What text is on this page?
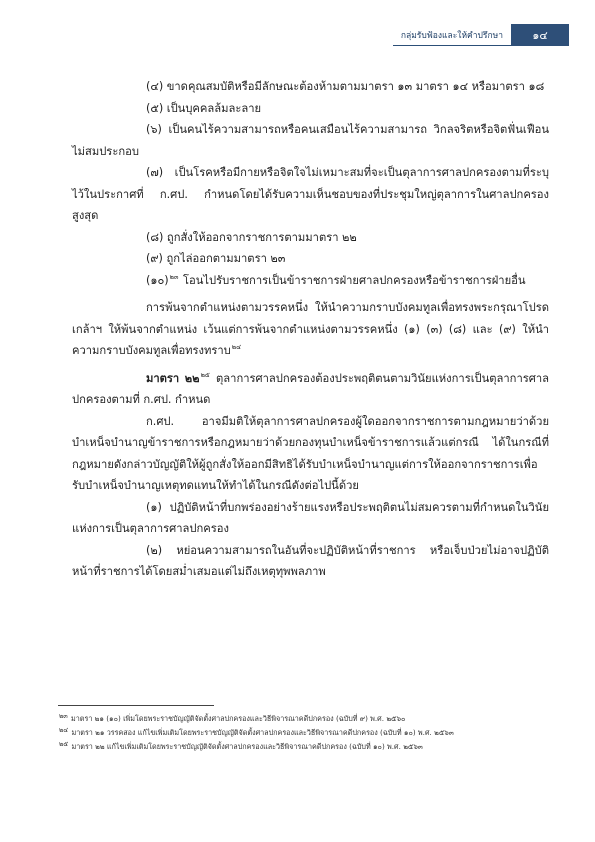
กลุ่มรับฟ้องและให้คำปรึกษา	๑๔

(๔) ขาดคุณสมบัติหรือมีลักษณะต้องห้ามตามมาตรา ๑๓ มาตรา ๑๔ หรือมาตรา ๑๘

(๕) เป็นบุคคลล้มละลาย

(๖) เป็นคนไร้ความสามารถหรือคนเสมือนไร้ความสามารถ วิกลจริตหรือจิตฟั่นเฟือนไม่สมประกอบ

(๗) เป็นโรคหรือมีกายหรือจิตใจไม่เหมาะสมที่จะเป็นตุลาการศาลปกครองตามที่ระบุไว้ในประกาศที่ ก.ศป. กำหนดโดยได้รับความเห็นชอบของที่ประชุมใหญ่ตุลาการในศาลปกครองสูงสุด

(๘) ถูกสั่งให้ออกจากราชการตามมาตรา ๒๒

(๙) ถูกไล่ออกตามมาตรา ๒๓

(๑๐)$^{๒๓}$ โอนไปรับราชการเป็นข้าราชการฝ่ายศาลปกครองหรือข้าราชการฝ่ายอื่น

การพ้นจากตำแหน่งตามวรรคหนึ่ง ให้นำความกราบบังคมทูลเพื่อทรงพระกรุณาโปรดเกล้าฯ ให้พ้นจากตำแหน่ง เว้นแต่การพ้นจากตำแหน่งตามวรรคหนึ่ง (๑) (๓) (๘) และ (๙) ให้นำความกราบบังคมทูลเพื่อทรงทราบ$^{๒๔}$

มาตรา ๒๒$^{๒๕}$ ตุลาการศาลปกครองต้องประพฤติตนตามวินัยแห่งการเป็นตุลาการศาลปกครองตามที่ ก.ศป. กำหนด

ก.ศป. อาจมีมติให้ตุลาการศาลปกครองผู้ใดออกจากราชการตามกฎหมายว่าด้วยบำเหน็จบำนาญข้าราชการหรือกฎหมายว่าด้วยกองทุนบำเหน็จข้าราชการแล้วแต่กรณี ได้ในกรณีที่กฎหมายดังกล่าวบัญญัติให้ผู้ถูกสั่งให้ออกมีสิทธิได้รับบำเหน็จบำนาญแต่การให้ออกจากราชการเพื่อรับบำเหน็จบำนาญเหตุทดแทนให้ทำได้ในกรณีดังต่อไปนี้ด้วย

(๑) ปฏิบัติหน้าที่บกพร่องอย่างร้ายแรงหรือประพฤติตนไม่สมควรตามที่กำหนดในวินัยแห่งการเป็นตุลาการศาลปกครอง

(๒) หย่อนความสามารถในอันที่จะปฏิบัติหน้าที่ราชการ หรือเจ็บป่วยไม่อาจปฏิบัติหน้าที่ราชการได้โดยสม่ำเสมอแต่ไม่ถึงเหตุทุพพลภาพ

$^{๒๓}$ มาตรา ๒๑ (๑๐) เพิ่มโดยพระราชบัญญัติจัดตั้งศาลปกครองและวิธีพิจารณาคดีปกครอง (ฉบับที่ ๙) พ.ศ. ๒๕๖๐

$^{๒๔}$ มาตรา ๒๑ วรรคสอง แก้ไขเพิ่มเติมโดยพระราชบัญญัติจัดตั้งศาลปกครองและวิธีพิจารณาคดีปกครอง (ฉบับที่ ๑๐) พ.ศ. ๒๕๖๓

$^{๒๕}$ มาตรา ๒๒ แก้ไขเพิ่มเติมโดยพระราชบัญญัติจัดตั้งศาลปกครองและวิธีพิจารณาคดีปกครอง (ฉบับที่ ๑๐) พ.ศ. ๒๕๖๓
